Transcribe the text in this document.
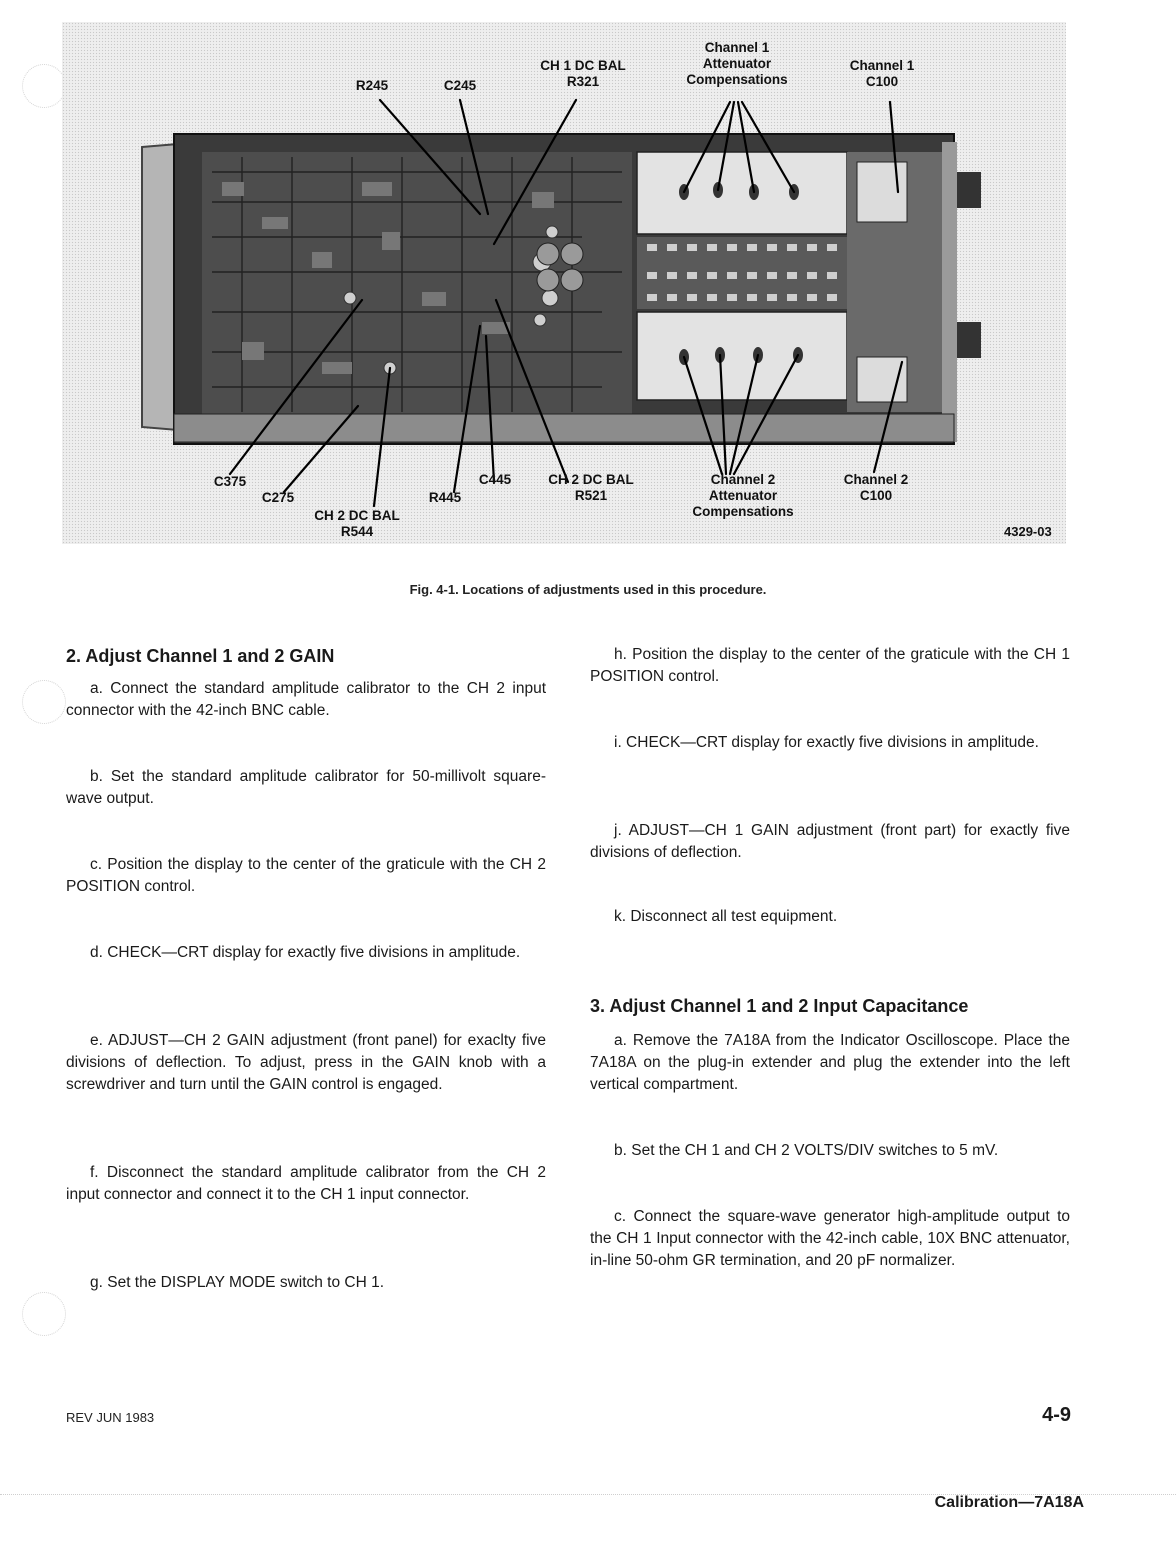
R245	C245
CH 1 DC BAL
R321
Channel 1
Attenuator
Compensations
Channel 1
C100
C375
C275
CH 2 DC BAL
R544
R445
C445	CH 2 DC BAL
R521
Channel 2
Attenuator
Compensations
Channel 2
C100
4329-03
Fig. 4-1. Locations of adjustments used in this procedure.
2. Adjust Channel 1 and 2 GAIN

a. Connect the standard amplitude calibrator to the CH 2 input connector with the 42-inch BNC cable.

b. Set the standard amplitude calibrator for 50-millivolt square-wave output.

c. Position the display to the center of the graticule with the CH 2 POSITION control.

d. CHECK—CRT display for exactly five divisions in amplitude.

e. ADJUST—CH 2 GAIN adjustment (front panel) for exaclty five divisions of deflection. To adjust, press in the GAIN knob with a screwdriver and turn until the GAIN control is engaged.

f. Disconnect the standard amplitude calibrator from the CH 2 input connector and connect it to the CH 1 input connector.

g. Set the DISPLAY MODE switch to CH 1.

h. Position the display to the center of the graticule with the CH 1 POSITION control.

i. CHECK—CRT display for exactly five divisions in amplitude.

j. ADJUST—CH 1 GAIN adjustment (front part) for exactly five divisions of deflection.

k. Disconnect all test equipment.

3. Adjust Channel 1 and 2 Input Capacitance

a. Remove the 7A18A from the Indicator Oscilloscope. Place the 7A18A on the plug-in extender and plug the extender into the left vertical compartment.

b. Set the CH 1 and CH 2 VOLTS/DIV switches to 5 mV.

c. Connect the square-wave generator high-amplitude output to the CH 1 Input connector with the 42-inch cable, 10X BNC attenuator, in-line 50-ohm GR termination, and 20 pF normalizer.

REV JUN 1983	4-9
Calibration—7A18A
